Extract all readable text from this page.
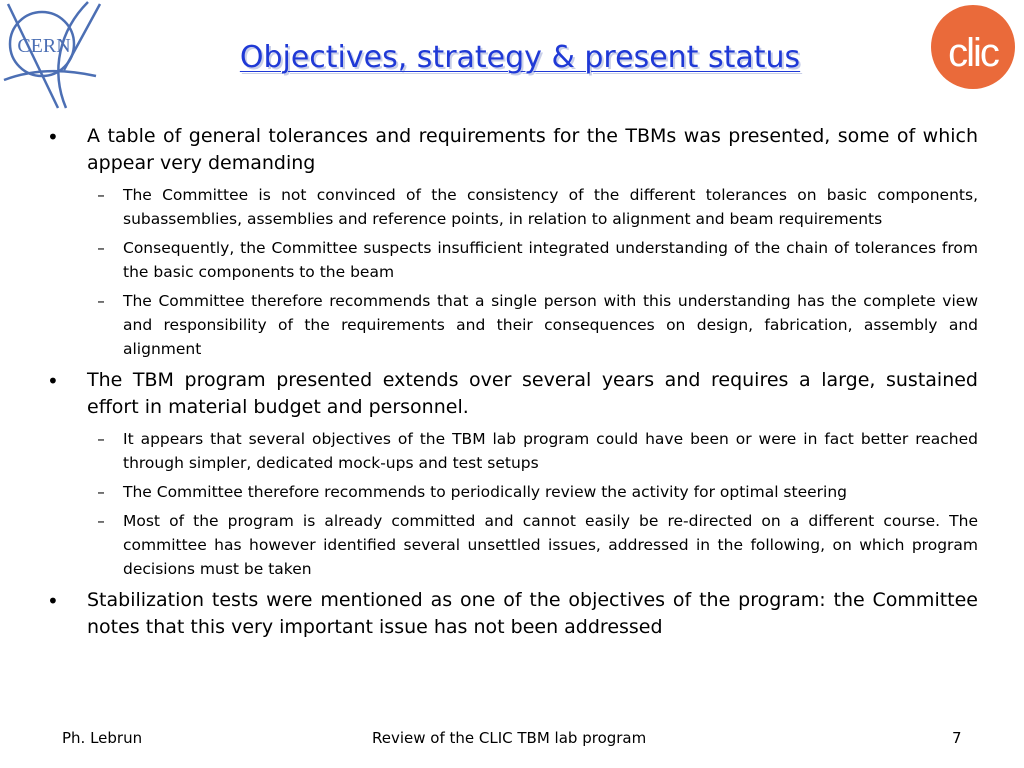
CERN	clic
Objectives, strategy & present status
•	A table of general tolerances and requirements for the TBMs was presented, some of which appear very demanding
–	The Committee is not convinced of the consistency of the different tolerances on basic components, subassemblies, assemblies and reference points, in relation to alignment and beam requirements
–	Consequently, the Committee suspects insufficient integrated understanding of the chain of tolerances from the basic components to the beam
–	The Committee therefore recommends that a single person with this understanding has the complete view and responsibility of the requirements and their consequences on design, fabrication, assembly and alignment
•	The TBM program presented extends over several years and requires a large, sustained effort in material budget and personnel.
–	It appears that several objectives of the TBM lab program could have been or were in fact better reached through simpler, dedicated mock-ups and test setups
–	The Committee therefore recommends to periodically review the activity for optimal steering
–	Most of the program is already committed and cannot easily be re-directed on a different course. The committee has however identified several unsettled issues, addressed in the following, on which program decisions must be taken
•	Stabilization tests were mentioned as one of the objectives of the program: the Committee notes that this very important issue has not been addressed
Ph. Lebrun	Review of the CLIC TBM lab program	7
